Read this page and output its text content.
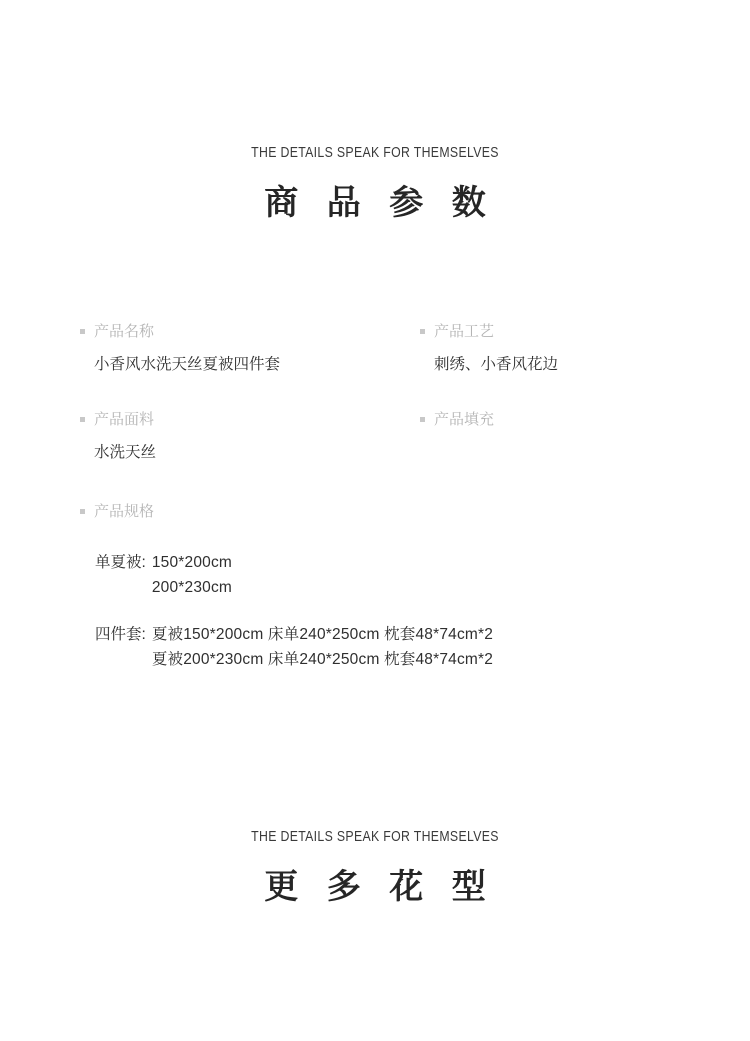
THE DETAILS SPEAK FOR THEMSELVES
商 品 参 数
产品名称
小香风水洗天丝夏被四件套
产品工艺
刺绣、小香风花边
产品面料
水洗天丝
产品填充
产品规格
单夏被: 150*200cm
200*230cm
四件套: 夏被150*200cm 床单240*250cm 枕套48*74cm*2
夏被200*230cm 床单240*250cm 枕套48*74cm*2
THE DETAILS SPEAK FOR THEMSELVES
更 多 花 型
